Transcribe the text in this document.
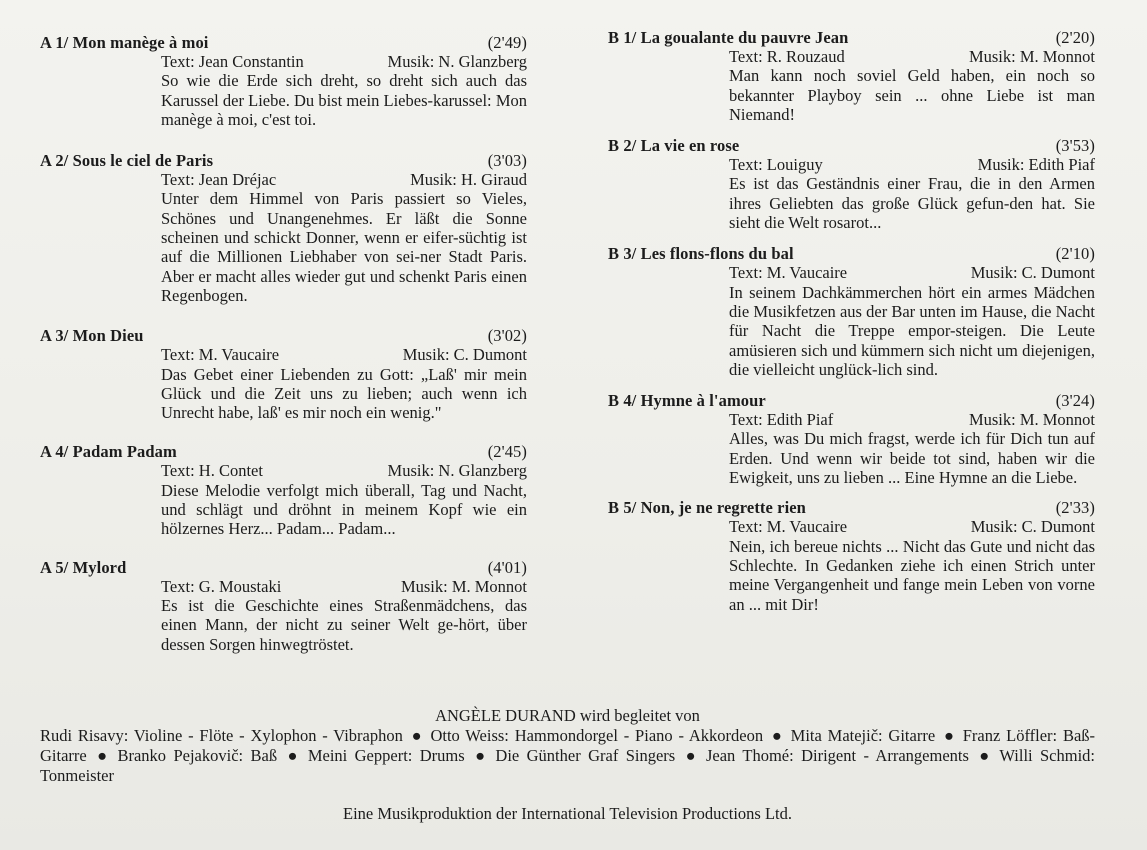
A 1/ Mon manège à moi	(2'49)
Text: Jean Constantin	Musik: N. Glanzberg
So wie die Erde sich dreht, so dreht sich auch das Karussel der Liebe. Du bist mein Liebes-karussel: Mon manège à moi, c'est toi.
A 2/ Sous le ciel de Paris	(3'03)
Text: Jean Dréjac	Musik: H. Giraud
Unter dem Himmel von Paris passiert so Vieles, Schönes und Unangenehmes. Er läßt die Sonne scheinen und schickt Donner, wenn er eifer-süchtig ist auf die Millionen Liebhaber von sei-ner Stadt Paris. Aber er macht alles wieder gut und schenkt Paris einen Regenbogen.
A 3/ Mon Dieu	(3'02)
Text: M. Vaucaire	Musik: C. Dumont
Das Gebet einer Liebenden zu Gott: „Laß' mir mein Glück und die Zeit uns zu lieben; auch wenn ich Unrecht habe, laß' es mir noch ein wenig."
A 4/ Padam Padam	(2'45)
Text: H. Contet	Musik: N. Glanzberg
Diese Melodie verfolgt mich überall, Tag und Nacht, und schlägt und dröhnt in meinem Kopf wie ein hölzernes Herz... Padam... Padam...
A 5/ Mylord	(4'01)
Text: G. Moustaki	Musik: M. Monnot
Es ist die Geschichte eines Straßenmädchens, das einen Mann, der nicht zu seiner Welt ge-hört, über dessen Sorgen hinwegtröstet.
B 1/ La goualante du pauvre Jean	(2'20)
Text: R. Rouzaud	Musik: M. Monnot
Man kann noch soviel Geld haben, ein noch so bekannter Playboy sein ... ohne Liebe ist man Niemand!
B 2/ La vie en rose	(3'53)
Text: Louiguy	Musik: Edith Piaf
Es ist das Geständnis einer Frau, die in den Armen ihres Geliebten das große Glück gefun-den hat. Sie sieht die Welt rosarot...
B 3/ Les flons-flons du bal	(2'10)
Text: M. Vaucaire	Musik: C. Dumont
In seinem Dachkämmerchen hört ein armes Mädchen die Musikfetzen aus der Bar unten im Hause, die Nacht für Nacht die Treppe empor-steigen. Die Leute amüsieren sich und kümmern sich nicht um diejenigen, die vielleicht unglück-lich sind.
B 4/ Hymne à l'amour	(3'24)
Text: Edith Piaf	Musik: M. Monnot
Alles, was Du mich fragst, werde ich für Dich tun auf Erden. Und wenn wir beide tot sind, haben wir die Ewigkeit, uns zu lieben ... Eine Hymne an die Liebe.
B 5/ Non, je ne regrette rien	(2'33)
Text: M. Vaucaire	Musik: C. Dumont
Nein, ich bereue nichts ... Nicht das Gute und nicht das Schlechte. In Gedanken ziehe ich einen Strich unter meine Vergangenheit und fange mein Leben von vorne an ... mit Dir!
ANGÈLE DURAND wird begleitet von
Rudi Risavy: Violine - Flöte - Xylophon - Vibraphon ● Otto Weiss: Hammondorgel - Piano - Akkordeon ● Mita Matejič: Gitarre ● Franz Löffler: Baß-Gitarre ● Branko Pejakovič: Baß ● Meini Geppert: Drums ● Die Günther Graf Singers ● Jean Thomé: Dirigent - Arrangements ● Willi Schmid: Tonmeister
Eine Musikproduktion der International Television Productions Ltd.
